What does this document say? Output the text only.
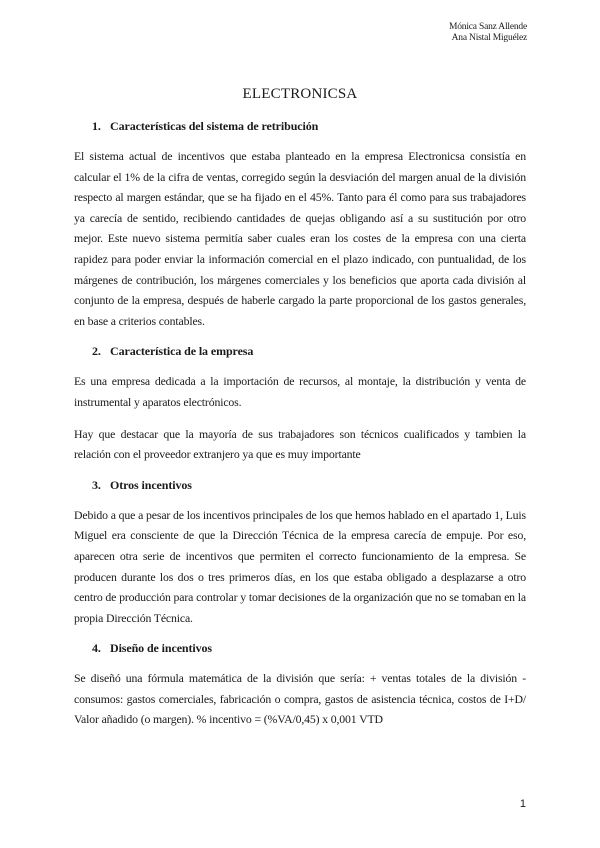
Mónica Sanz Allende
Ana Nistal Miguélez
ELECTRONICSA
1. Características del sistema de retribución

El sistema actual de incentivos que estaba planteado en la empresa Electronicsa consistía en calcular el 1% de la cifra de ventas, corregido según la desviación del margen anual de la división respecto al margen estándar, que se ha fijado en el 45%. Tanto para él como para sus trabajadores ya carecía de sentido, recibiendo cantidades de quejas obligando así a su sustitución por otro mejor. Este nuevo sistema permitía saber cuales eran los costes de la empresa con una cierta rapidez para poder enviar la información comercial en el plazo indicado, con puntualidad, de los márgenes de contribución, los márgenes comerciales y los beneficios que aporta cada división al conjunto de la empresa, después de haberle cargado la parte proporcional de los gastos generales, en base a criterios contables.

2. Característica de la empresa

Es una empresa dedicada a la importación de recursos, al montaje, la distribución y venta de instrumental y aparatos electrónicos.

Hay que destacar que la mayoría de sus trabajadores son técnicos cualificados y tambien la relación con el proveedor extranjero ya que es muy importante

3. Otros incentivos

Debido a que a pesar de los incentivos principales de los que hemos hablado en el apartado 1, Luis Miguel era consciente de que la Dirección Técnica de la empresa carecía de empuje. Por eso, aparecen otra serie de incentivos que permiten el correcto funcionamiento de la empresa. Se producen durante los dos o tres primeros días, en los que estaba obligado a desplazarse a otro centro de producción para controlar y tomar decisiones de la organización que no se tomaban en la propia Dirección Técnica.

4. Diseño de incentivos

Se diseñó una fórmula matemática de la división que sería: + ventas totales de la división - consumos: gastos comerciales, fabricación o compra, gastos de asistencia técnica, costos de I+D/ Valor añadido (o margen). % incentivo = (%VA/0,45) x 0,001 VTD

1
